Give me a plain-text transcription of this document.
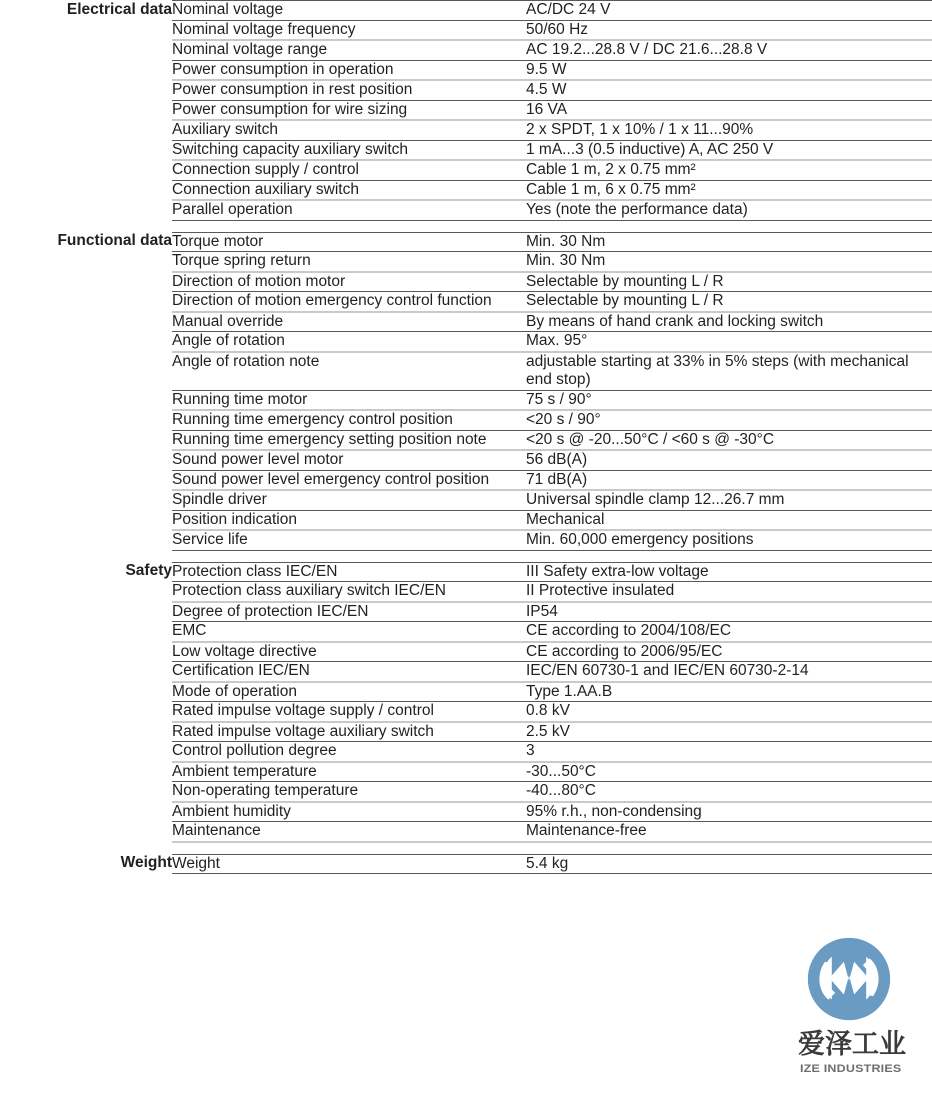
爱泽工业
IZE INDUSTRIES
Electrical data	Nominal voltage	AC/DC 24 V
	Nominal voltage frequency	50/60 Hz
	Nominal voltage range	AC 19.2...28.8 V / DC 21.6...28.8 V
	Power consumption in operation	9.5 W
	Power consumption in rest position	4.5 W
	Power consumption for wire sizing	16 VA
	Auxiliary switch	2 x SPDT, 1 x 10% / 1 x 11...90%
	Switching capacity auxiliary switch	1 mA...3 (0.5 inductive) A, AC 250 V
	Connection supply / control	Cable 1 m, 2 x 0.75 mm²
	Connection auxiliary switch	Cable 1 m, 6 x 0.75 mm²
	Parallel operation	Yes (note the performance data)

Functional data	Torque motor	Min. 30 Nm
	Torque spring return	Min. 30 Nm
	Direction of motion motor	Selectable by mounting L / R
	Direction of motion emergency control function	Selectable by mounting L / R
	Manual override	By means of hand crank and locking switch
	Angle of rotation	Max. 95°
	Angle of rotation note	adjustable starting at 33% in 5% steps (with mechanical end stop)
	Running time motor	75 s / 90°
	Running time emergency control position	<20 s / 90°
	Running time emergency setting position note	<20 s @ -20...50°C / <60 s @ -30°C
	Sound power level motor	56 dB(A)
	Sound power level emergency control position	71 dB(A)
	Spindle driver	Universal spindle clamp 12...26.7 mm
	Position indication	Mechanical
	Service life	Min. 60,000 emergency positions

Safety	Protection class IEC/EN	III Safety extra-low voltage
	Protection class auxiliary switch IEC/EN	II Protective insulated
	Degree of protection IEC/EN	IP54
	EMC	CE according to 2004/108/EC
	Low voltage directive	CE according to 2006/95/EC
	Certification IEC/EN	IEC/EN 60730-1 and IEC/EN 60730-2-14
	Mode of operation	Type 1.AA.B
	Rated impulse voltage supply / control	0.8 kV
	Rated impulse voltage auxiliary switch	2.5 kV
	Control pollution degree	3
	Ambient temperature	-30...50°C
	Non-operating temperature	-40...80°C
	Ambient humidity	95% r.h., non-condensing
	Maintenance	Maintenance-free

Weight	Weight	5.4 kg
